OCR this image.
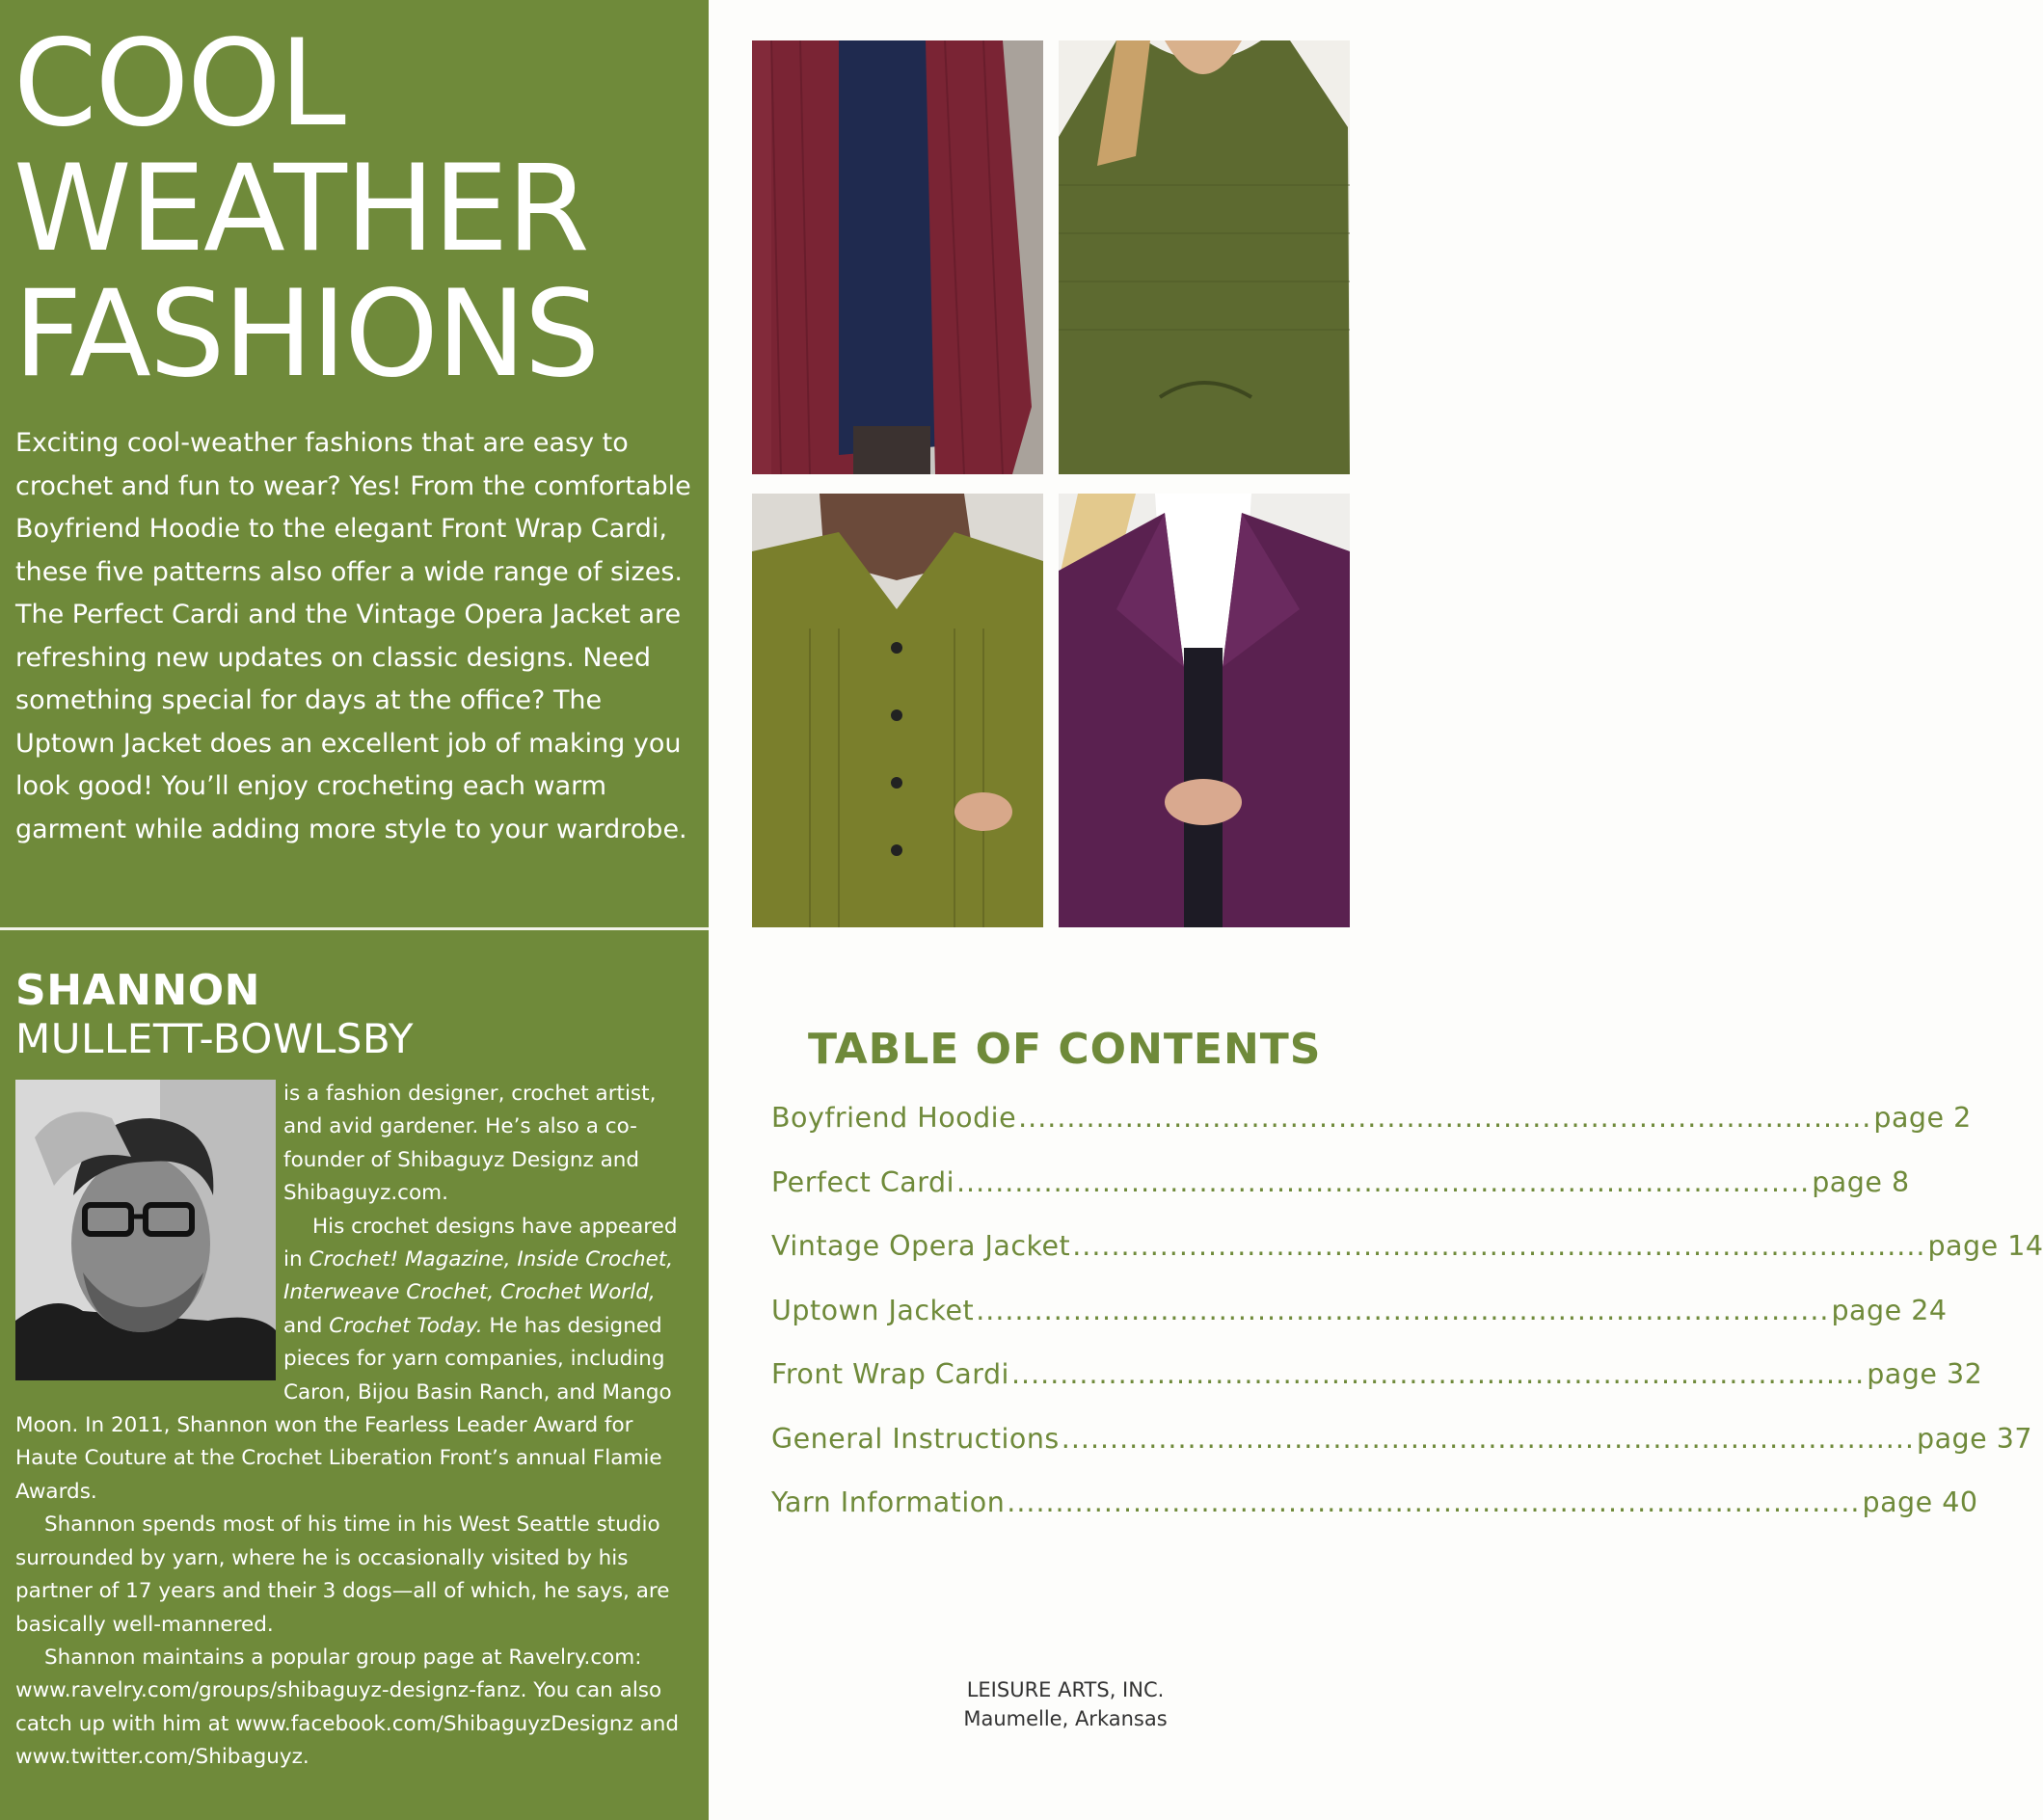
COOL
WEATHER
FASHIONS

Exciting cool-weather fashions that are easy to crochet and fun to wear? Yes! From the comfortable Boyfriend Hoodie to the elegant Front Wrap Cardi, these five patterns also offer a wide range of sizes. The Perfect Cardi and the Vintage Opera Jacket are refreshing new updates on classic designs. Need something special for days at the office? The Uptown Jacket does an excellent job of making you look good! You’ll enjoy crocheting each warm garment while adding more style to your wardrobe.

SHANNON
MULLETT-BOWLSBY

is a fashion designer, crochet artist, and avid gardener. He’s also a co-founder of Shibaguyz Designz and Shibaguyz.com.

His crochet designs have appeared in Crochet! Magazine, Inside Crochet, Interweave Crochet, Crochet World, and Crochet Today. He has designed pieces for yarn companies, including Caron, Bijou Basin Ranch, and Mango Moon. In 2011, Shannon won the Fearless Leader Award for Haute Couture at the Crochet Liberation Front’s annual Flamie Awards.

Shannon spends most of his time in his West Seattle studio surrounded by yarn, where he is occasionally visited by his partner of 17 years and their 3 dogs—all of which, he says, are basically well-mannered.

Shannon maintains a popular group page at Ravelry.com: www.ravelry.com/groups/shibaguyz-designz-fanz. You can also catch up with him at www.facebook.com/ShibaguyzDesignz and www.twitter.com/Shibaguyz.

TABLE OF CONTENTS
Boyfriend Hoodie ........................................................................................ page 2
Perfect Cardi ........................................................................................ page 8
Vintage Opera Jacket ........................................................................................ page 14
Uptown Jacket ........................................................................................ page 24
Front Wrap Cardi ........................................................................................ page 32
General Instructions ........................................................................................ page 37
Yarn Information ........................................................................................ page 40
LEISURE ARTS, INC.
Maumelle, Arkansas
